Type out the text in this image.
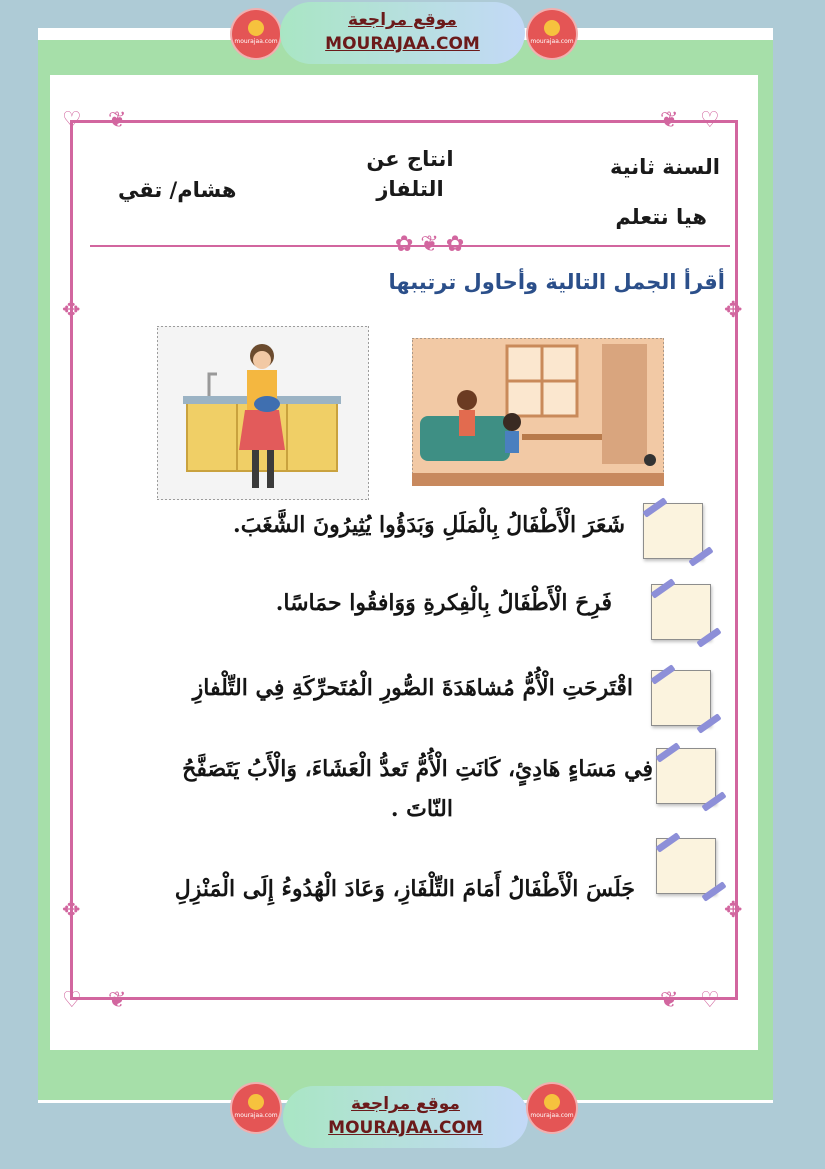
mourajaa.com
موقع مراجعة
MOURAJAA.COM	mourajaa.com
♡ ❦	♡
❦
♡ ❦	♡
❦
✿ ❦ ✿
✥	✥
✥	✥
السنة ثانية
هيا نتعلم
انتاج عن
التلفاز
هشام/ تقي
أقرأ الجمل التالية وأحاول ترتيبها
شَعَرَ الْأَطْفَالُ بِالْمَلَلِ وَبَدَؤُوا يُثِيرُونَ الشَّغَبَ.
فَرِحَ الْأَطْفَالُ بِالْفِكرةِ وَوَافقُوا حمَاسًا.
اقْتَرحَتِ الْأُمُّ مُشاهَدَةَ الصُّورِ الْمُتَحرِّكَةِ فِي التِّلْفازِ
فِي مَسَاءٍ هَادِئٍ، كَانَتِ الْأُمُّ تَعدُّ الْعَشَاءَ، وَالْأَبُ يَتَصَفَّحُ
النّاتَ .
جَلَسَ الْأَطْفَالُ أَمَامَ التِّلْفَازِ، وَعَادَ الْهُدُوءُ إِلَى الْمَنْزِلِ
mourajaa.com
موقع مراجعة
MOURAJAA.COM
mourajaa.com
